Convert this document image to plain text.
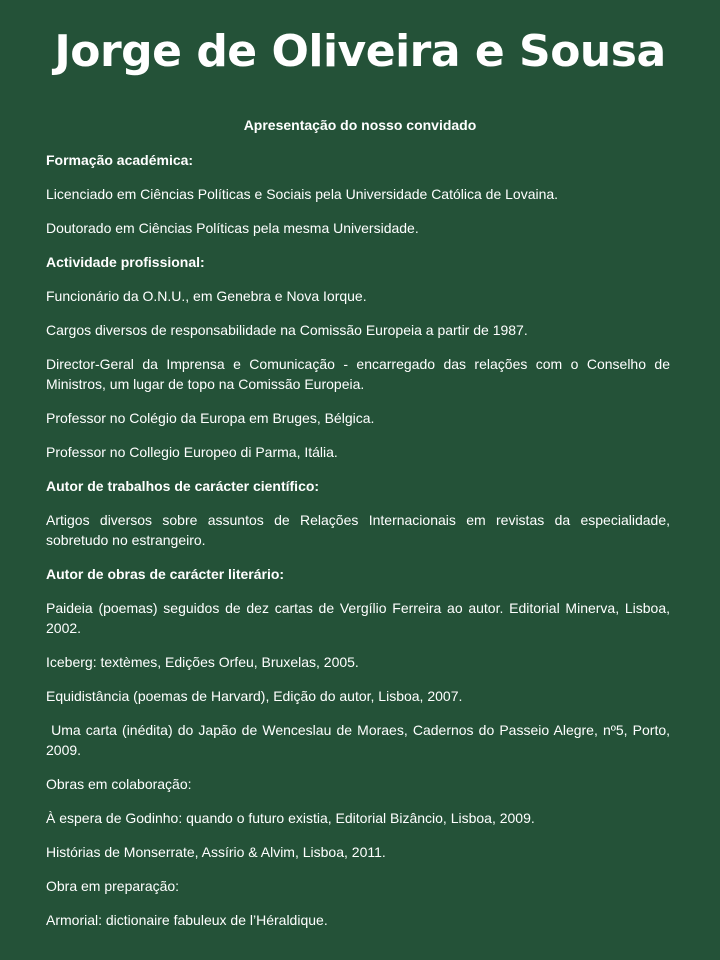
Jorge de Oliveira e Sousa
Apresentação do nosso convidado

Formação académica:

Licenciado em Ciências Políticas e Sociais pela Universidade Católica de Lovaina.

Doutorado em Ciências Políticas pela mesma Universidade.

Actividade profissional:

Funcionário da O.N.U., em Genebra e Nova Iorque.

Cargos diversos de responsabilidade na Comissão Europeia a partir de 1987.

Director-Geral da Imprensa e Comunicação - encarregado das relações com o Conselho de Ministros, um lugar de topo na Comissão Europeia.

Professor no Colégio da Europa em Bruges, Bélgica.

Professor no Collegio Europeo di Parma, Itália.

Autor de trabalhos de carácter científico:

Artigos diversos sobre assuntos de Relações Internacionais em revistas da especialidade, sobretudo no estrangeiro.

Autor de obras de carácter literário:

Paideia (poemas) seguidos de dez cartas de Vergílio Ferreira ao autor. Editorial Minerva, Lisboa, 2002.

Iceberg: textèmes, Edições Orfeu, Bruxelas, 2005.

Equidistância (poemas de Harvard), Edição do autor, Lisboa, 2007.

Uma carta (inédita) do Japão de Wenceslau de Moraes, Cadernos do Passeio Alegre, nº5, Porto, 2009.

Obras em colaboração:

À espera de Godinho: quando o futuro existia, Editorial Bizâncio, Lisboa, 2009.

Histórias de Monserrate, Assírio & Alvim, Lisboa, 2011.

Obra em preparação:

Armorial: dictionaire fabuleux de l’Héraldique.
